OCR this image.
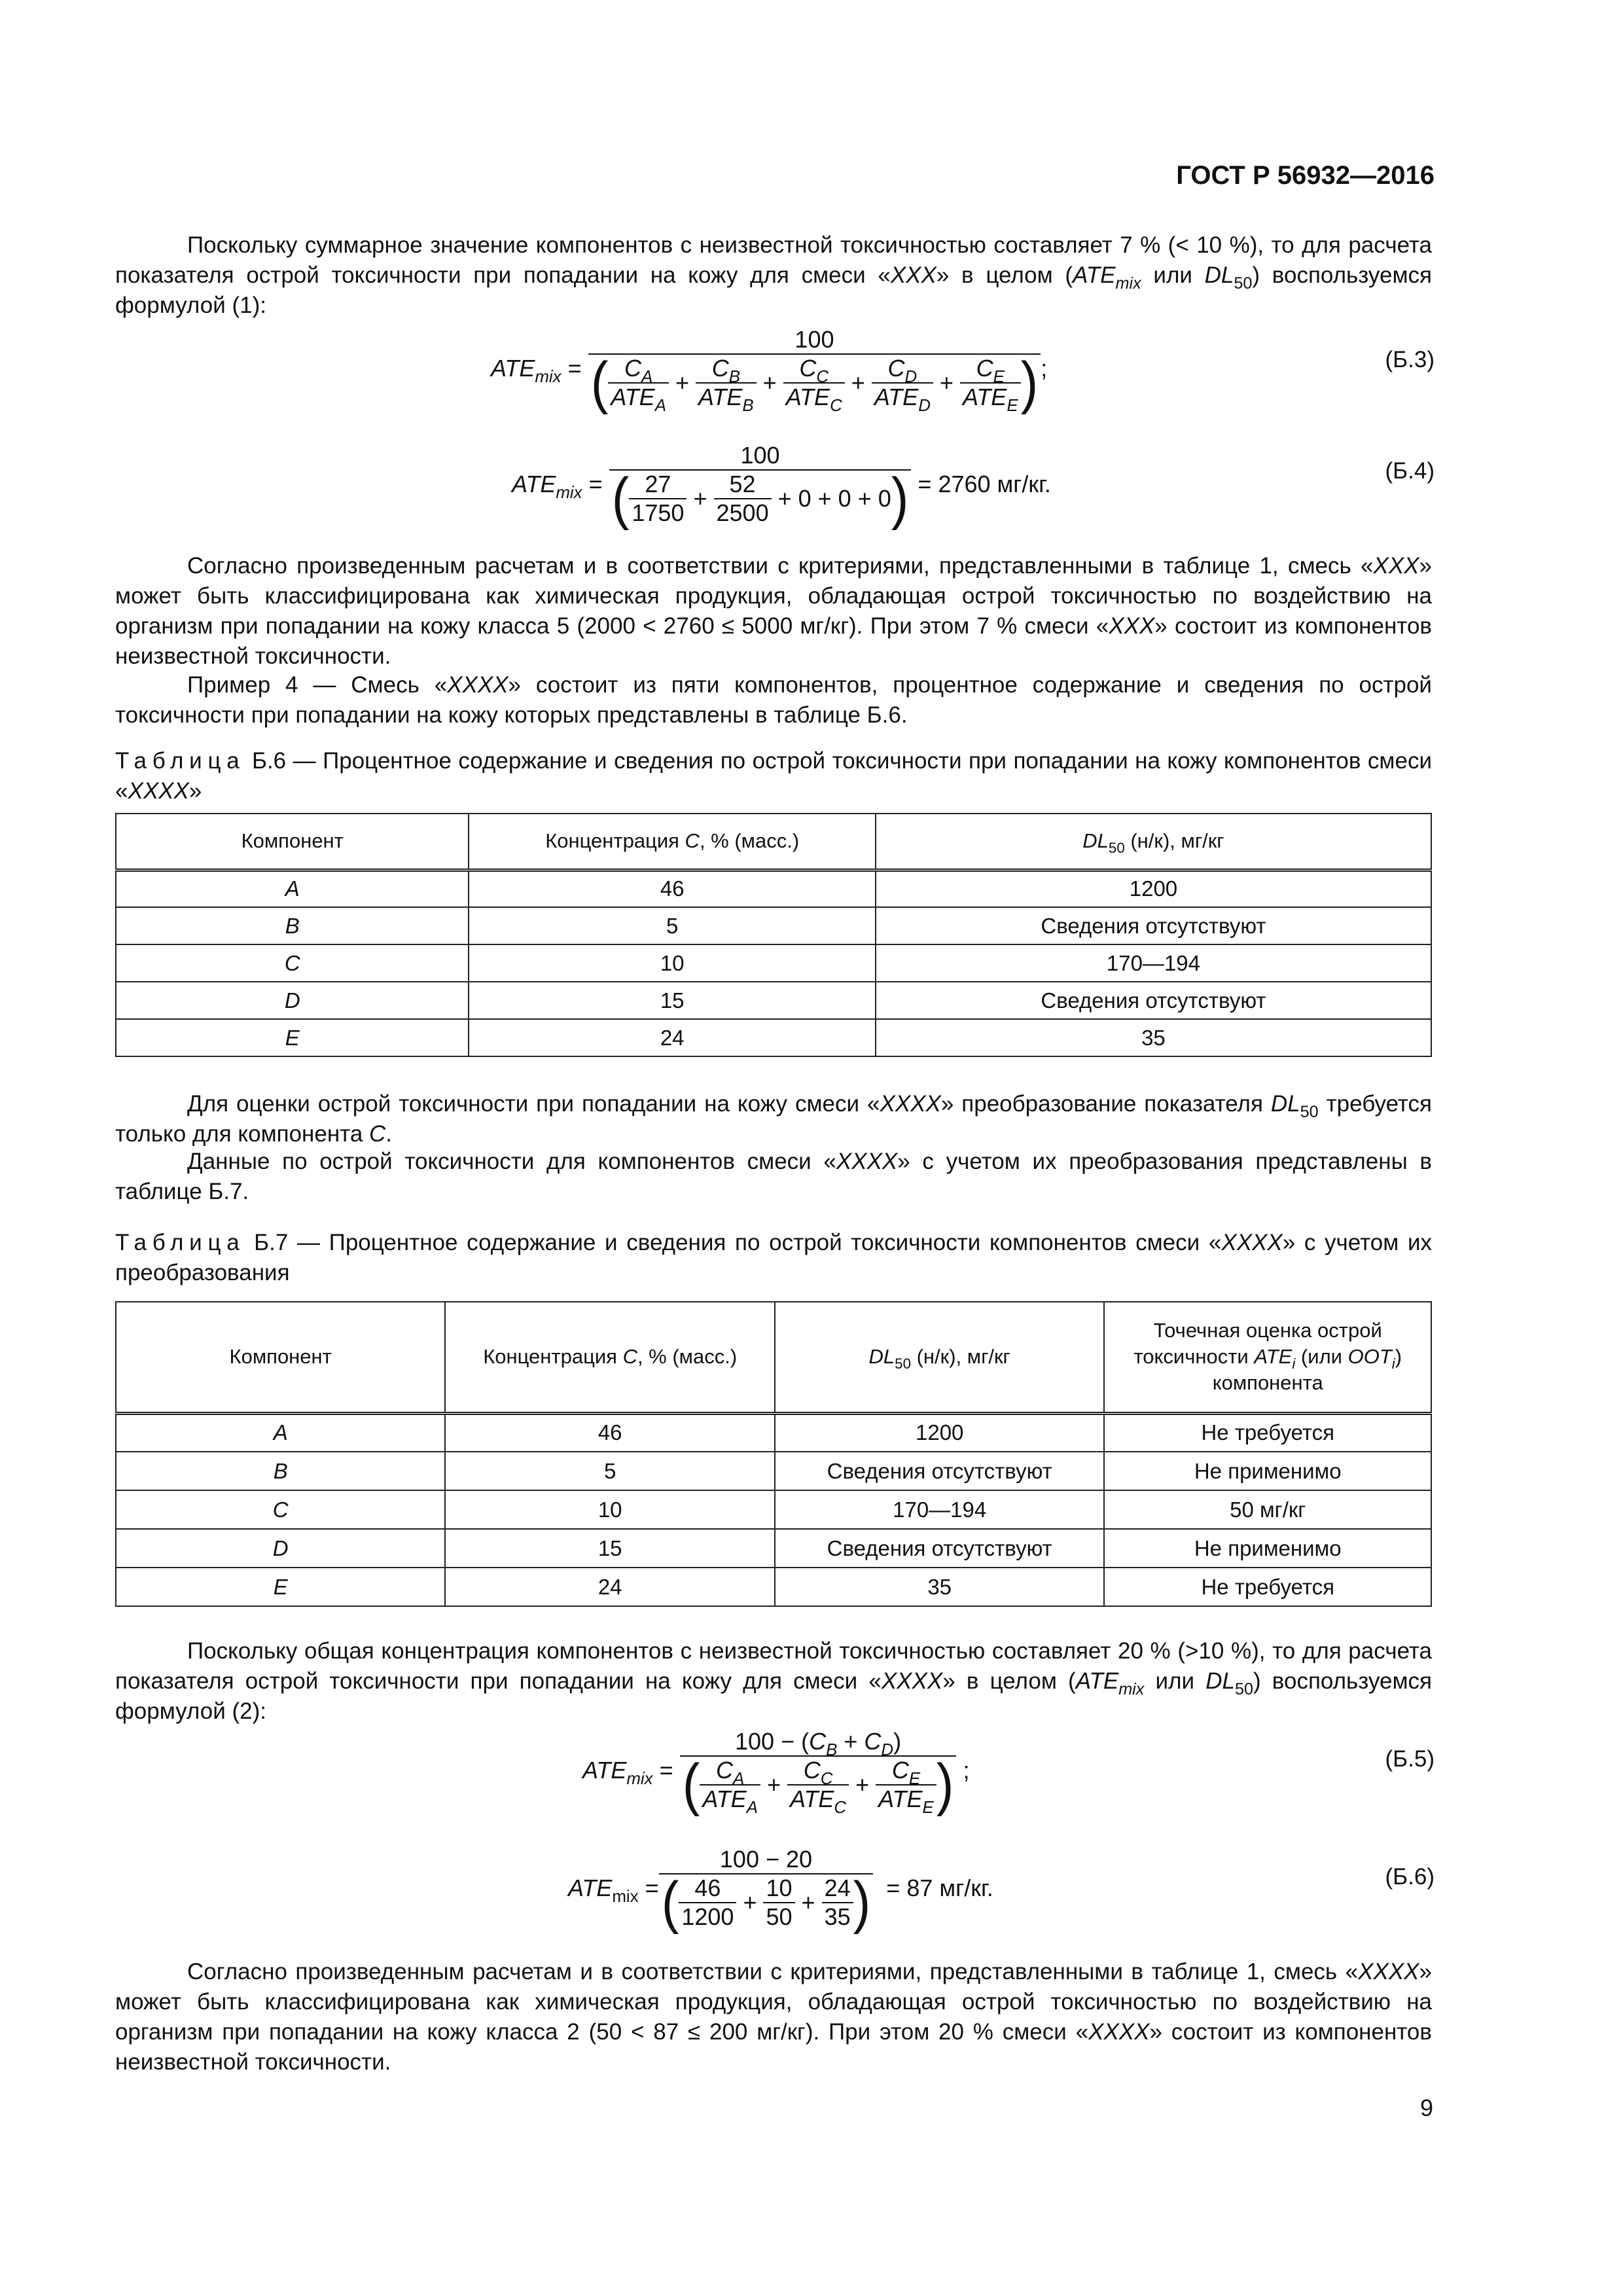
ГОСТ Р 56932—2016
Поскольку суммарное значение компонентов с неизвестной токсичностью составляет 7 % (< 10 %), то для расчета показателя острой токсичности при попадании на кожу для смеси «XXX» в целом ($ATE_{mix}$ или $DL_{50}$) воспользуемся формулой (1):
$ATE_{mix}$ =
100
( $\frac{C_A}{ATE_A}$
+
$\frac{C_B}{ATE_B}$
+
$\frac{C_C}{ATE_C}$
+
$\frac{C_D}{ATE_D}$
+
$\frac{C_E}{ATE_E}$ ) ;	(Б.3)
$ATE_{mix}$ =
100
( $\frac{27}{1750}$
+
$\frac{52}{2500}$
+ 0 + 0 + 0 )
= 2760 мг/кг.	(Б.4)
Согласно произведенным расчетам и в соответствии с критериями, представленными в таблице 1, смесь «XXX» может быть классифицирована как химическая продукция, обладающая острой токсичностью по воздействию на организм при попадании на кожу класса 5 (2000 < 2760 ≤ 5000 мг/кг). При этом 7 % смеси «XXX» состоит из компонентов неизвестной токсичности.
Пример 4 — Смесь «XXXX» состоит из пяти компонентов, процентное содержание и сведения по острой токсичности при попадании на кожу которых представлены в таблице Б.6.
Таблица Б.6 — Процентное содержание и сведения по острой токсичности при попадании на кожу компонентов смеси «XXXX»
Компонент	Концентрация C, % (масс.)	$DL_{50}$ (н/к), мг/кг
A	46	1200
B	5	Сведения отсутствуют
C	10	170—194
D	15	Сведения отсутствуют
E	24	35
Для оценки острой токсичности при попадании на кожу смеси «XXXX» преобразование показателя $DL_{50}$ требуется только для компонента C.
Данные по острой токсичности для компонентов смеси «XXXX» с учетом их преобразования представлены в таблице Б.7.
Таблица Б.7 — Процентное содержание и сведения по острой токсичности компонентов смеси «XXXX» с учетом их преобразования
Компонент	Концентрация C, % (масс.)	$DL_{50}$ (н/к), мг/кг	Точечная оценка острой токсичности $ATE_i$ (или $OOT_i$) компонента
A	46	1200	Не требуется
B	5	Сведения отсутствуют	Не применимо
C	10	170—194	50 мг/кг
D	15	Сведения отсутствуют	Не применимо
E	24	35	Не требуется
Поскольку общая концентрация компонентов с неизвестной токсичностью составляет 20 % (>10 %), то для расчета показателя острой токсичности при попадании на кожу для смеси «XXXX» в целом ($ATE_{mix}$ или $DL_{50}$) воспользуемся формулой (2):
$ATE_{mix}$ =
$100 - (C_B + C_D)$
( $\frac{C_A}{ATE_A}$
+
$\frac{C_C}{ATE_C}$
+
$\frac{C_E}{ATE_E}$ )
;	(Б.5)
$ATE_{mix}$ =
100 − 20
( $\frac{46}{1200}$
+
$\frac{10}{50}$
+
$\frac{24}{35}$ )
= 87 мг/кг.	(Б.6)
Согласно произведенным расчетам и в соответствии с критериями, представленными в таблице 1, смесь «XXXX» может быть классифицирована как химическая продукция, обладающая острой токсичностью по воздействию на организм при попадании на кожу класса 2 (50 < 87 ≤ 200 мг/кг). При этом 20 % смеси «XXXX» состоит из компонентов неизвестной токсичности.
9
